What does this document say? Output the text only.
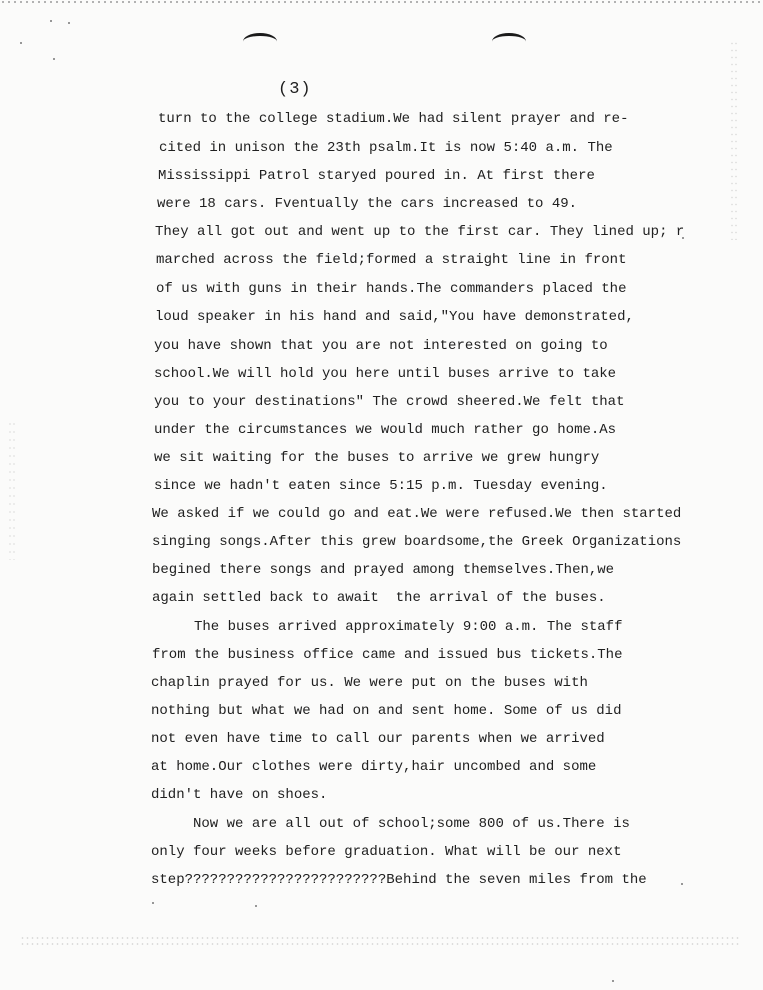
(3)
turn to the college stadium.We had silent prayer and re-
cited in unison the 23th psalm.It is now 5:40 a.m. The
Mississippi Patrol staryed poured in. At first there
were 18 cars. Fventually the cars increased to 49.
They all got out and went up to the first car. They lined up; r
marched across the field;formed a straight line in front
of us with guns in their hands.The commanders placed the
loud speaker in his hand and said,"You have demonstrated,
you have shown that you are not interested on going to
school.We will hold you here until buses arrive to take
you to your destinations" The crowd sheered.We felt that
under the circumstances we would much rather go home.As
we sit waiting for the buses to arrive we grew hungry
since we hadn't eaten since 5:15 p.m. Tuesday evening.
We asked if we could go and eat.We were refused.We then started
singing songs.After this grew boardsome,the Greek Organizations
begined there songs and prayed among themselves.Then,we
again settled back to await  the arrival of the buses.
The buses arrived approximately 9:00 a.m. The staff
from the business office came and issued bus tickets.The
chaplin prayed for us. We were put on the buses with
nothing but what we had on and sent home. Some of us did
not even have time to call our parents when we arrived
at home.Our clothes were dirty,hair uncombed and some
didn't have on shoes.
Now we are all out of school;some 800 of us.There is
only four weeks before graduation. What will be our next
step????????????????????????Behind the seven miles from the
